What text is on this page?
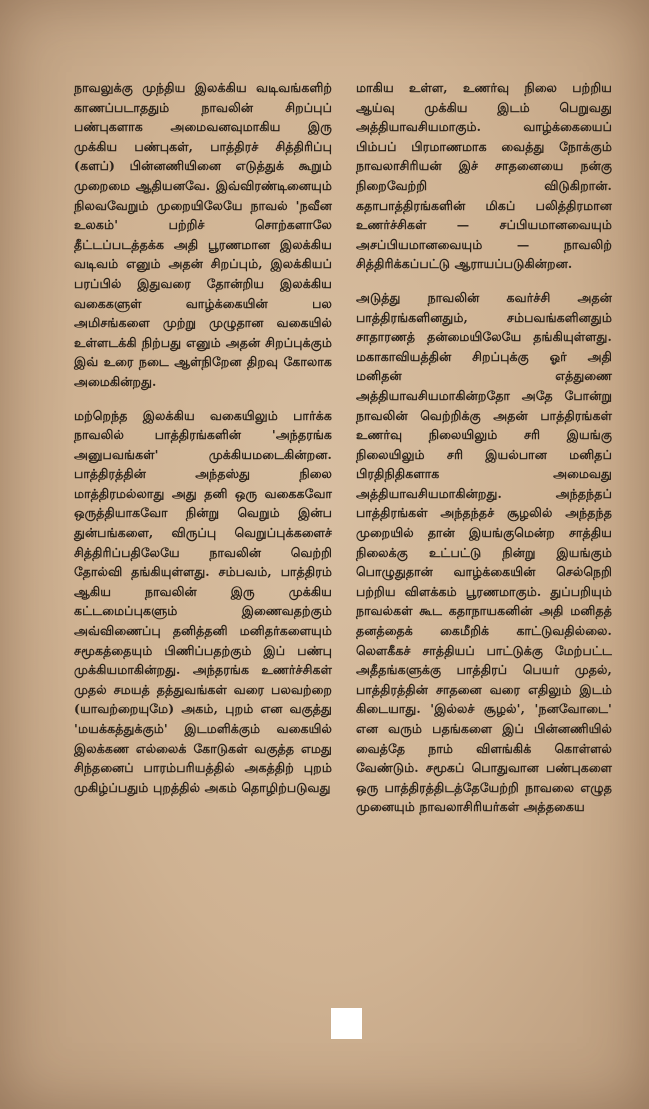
நாவலுக்கு முந்திய இலக்கிய வடிவங்களிற் காணப்படாததும் நாவலின் சிறப்புப் பண்புகளாக அமைவனவுமாகிய இரு முக்கிய பண்புகள், பாத்திரச் சித்திரிப்பு (களப்) பின்னணியினை எடுத்துக் கூறும் முறைமை ஆதியனவே. இவ்விரண்டினையும் நிலவவேறும் முறையிலேயே நாவல் 'நவீன உலகம்' பற்றிச் சொற்களாலே தீட்டப்படத்தக்க அதி பூரணமான இலக்கிய வடிவம் எனும் அதன் சிறப்பும், இலக்கியப் பரப்பில் இதுவரை தோன்றிய இலக்கிய வகைகளுள் வாழ்க்கையின் பல அமிசங்களை முற்று முழுதான வகையில் உள்ளடக்கி நிற்பது எனும் அதன் சிறப்புக்கும் இவ் உரை நடை ஆள்நிறேன திறவு கோலாக அமைகின்றது.

மற்றெந்த இலக்கிய வகையிலும் பார்க்க நாவலில் பாத்திரங்களின் 'அந்தரங்க அனுபவங்கள்' முக்கியமடைகின்றன. பாத்திரத்தின் அந்தஸ்து நிலை மாத்திரமல்லாது அது தனி ஒரு வகைகவோ ஒருத்தியாகவோ நின்று வெறும் இன்ப துன்பங்களை, விருப்பு வெறுப்புக்களைச் சித்திரிப்பதிலேயே நாவலின் வெற்றி தோல்வி தங்கியுள்ளது. சம்பவம், பாத்திரம் ஆகிய நாவலின் இரு முக்கிய கட்டமைப்புகளும் இணைவதற்கும் அவ்விணைப்பு தனித்தனி மனிதர்களையும் சமூகத்தையும் பிணிப்பதற்கும் இப் பண்பு முக்கியமாகின்றது. அந்தரங்க உணர்ச்சிகள் முதல் சமயத் தத்துவங்கள் வரை பலவற்றை (யாவற்றையுமே) அகம், புறம் என வகுத்து 'மயக்கத்துக்கும்' இடமளிக்கும் வகையில் இலக்கண எல்லைக் கோடுகள் வகுத்த எமது சிந்தனைப் பாரம்பரியத்தில் அகத்திற் புறம் முகிழ்ப்பதும் புறத்தில் அகம் தொழிற்படுவது

மாகிய உள்ள, உணர்வு நிலை பற்றிய ஆய்வு முக்கிய இடம் பெறுவது அத்தியாவசியமாகும். வாழ்க்கையைப் பிம்பப் பிரமாணமாக வைத்து நோக்கும் நாவலாசிரியன் இச் சாதனையை நன்கு நிறைவேற்றி விடுகிறான். கதாபாத்திரங்களின் மிகப் பலித்திரமான உணர்ச்சிகள் — சப்பியமானவையும் அசப்பியமானவையும் — நாவலிற் சித்திரிக்கப்பட்டு ஆராயப்படுகின்றன.

அடுத்து நாவலின் கவர்ச்சி அதன் பாத்திரங்களினதும், சம்பவங்களினதும் சாதாரணத் தன்மையிலேயே தங்கியுள்ளது. மகாகாவியத்தின் சிறப்புக்கு ஓர் அதி மனிதன் எத்துணை அத்தியாவசியமாகின்றதோ அதே போன்று நாவலின் வெற்றிக்கு அதன் பாத்திரங்கள் உணர்வு நிலையிலும் சரி இயங்கு நிலையிலும் சரி இயல்பான மனிதப் பிரதிநிதிகளாக அமைவது அத்தியாவசியமாகின்றது. அந்தந்தப் பாத்திரங்கள் அந்தந்தச் சூழலில் அந்தந்த முறையில் தான் இயங்குமென்ற சாத்திய நிலைக்கு உட்பட்டு நின்று இயங்கும் பொழுதுதான் வாழ்க்கையின் செல்நெறி பற்றிய விளக்கம் பூரணமாகும். துப்பறியும் நாவல்கள் கூட கதாநாயகனின் அதி மனிதத் தனத்தைக் கைமீறிக் காட்டுவதில்லை. லௌகீகச் சாத்தியப் பாட்டுக்கு மேற்பட்ட அதீதங்களுக்கு பாத்திரப் பெயர் முதல், பாத்திரத்தின் சாதனை வரை எதிலும் இடம் கிடையாது. 'இல்லச் சூழல்', 'நனவோடை' என வரும் பதங்களை இப் பின்னணியில் வைத்தே நாம் விளங்கிக் கொள்ளல் வேண்டும். சமூகப் பொதுவான பண்புகளை ஒரு பாத்திரத்திடத்தேயேற்றி நாவலை எழுத முனையும் நாவலாசிரியர்கள் அத்தகைய
